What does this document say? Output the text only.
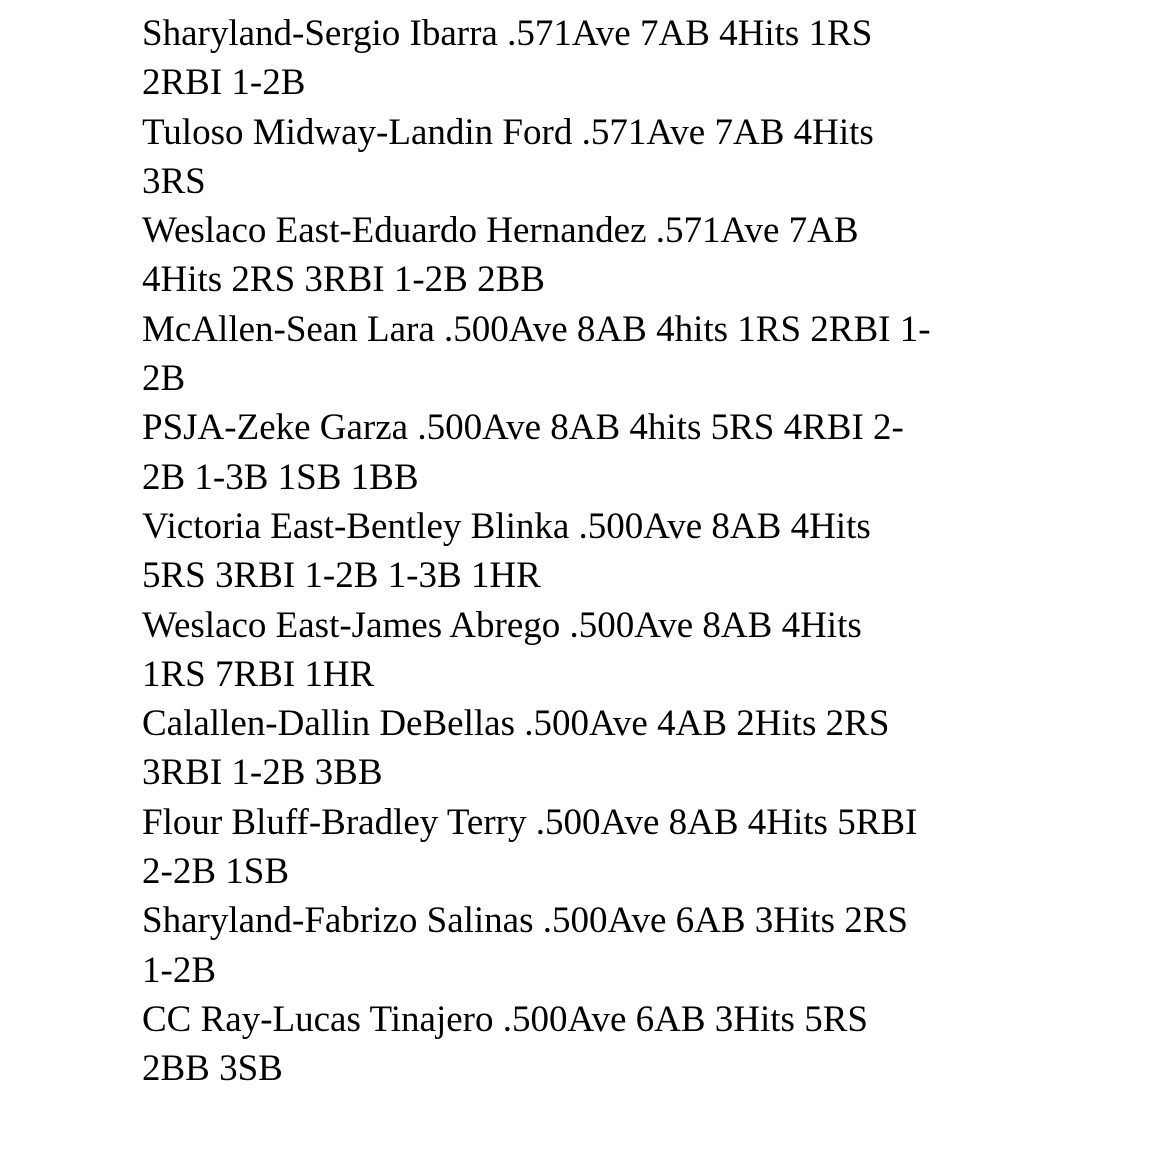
Sharyland-Sergio Ibarra .571Ave 7AB 4Hits 1RS

2RBI 1-2B

Tuloso Midway-Landin Ford .571Ave 7AB 4Hits

3RS

Weslaco East-Eduardo Hernandez .571Ave 7AB

4Hits 2RS 3RBI 1-2B 2BB

McAllen-Sean Lara .500Ave 8AB 4hits 1RS 2RBI 1-

2B

PSJA-Zeke Garza .500Ave 8AB 4hits 5RS 4RBI 2-

2B 1-3B 1SB 1BB

Victoria East-Bentley Blinka .500Ave 8AB 4Hits

5RS 3RBI 1-2B 1-3B 1HR

Weslaco East-James Abrego .500Ave 8AB 4Hits

1RS 7RBI 1HR

Calallen-Dallin DeBellas .500Ave 4AB 2Hits 2RS

3RBI 1-2B 3BB

Flour Bluff-Bradley Terry .500Ave 8AB 4Hits 5RBI

2-2B 1SB

Sharyland-Fabrizo Salinas .500Ave 6AB 3Hits 2RS

1-2B

CC Ray-Lucas Tinajero .500Ave 6AB 3Hits 5RS

2BB 3SB
